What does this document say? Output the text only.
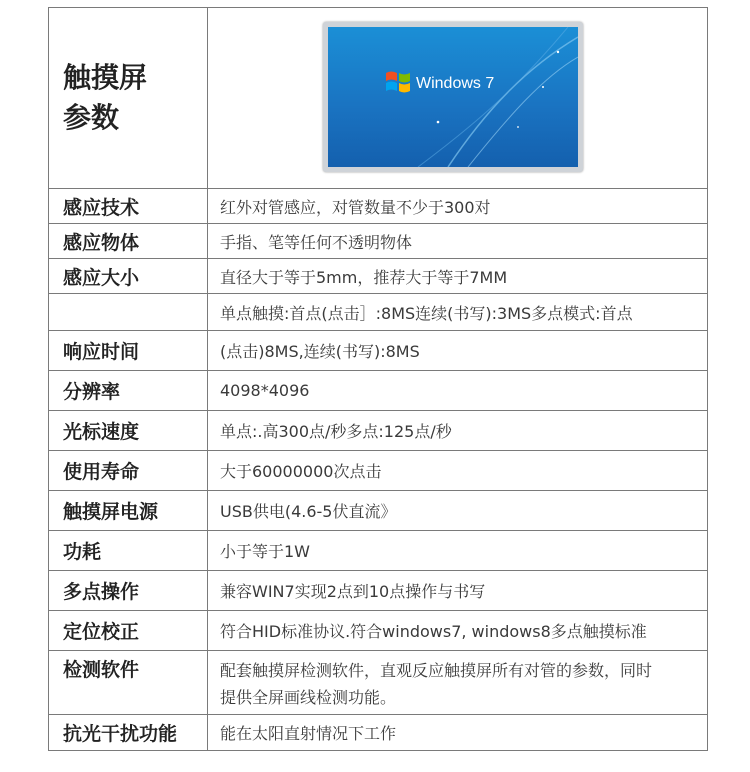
触摸屏
参数	Windows 7

感应技术	红外对管感应，对管数量不少于300对
感应物体	手指、笔等任何不透明物体
感应大小	直径大于等于5mm，推荐大于等于7MM
	单点触摸:首点(点击］:8MS连续(书写):3MS多点模式:首点
响应时间	(点击)8MS,连续(书写):8MS
分辨率	4098*4096
光标速度	单点:.高300点/秒多点:125点/秒
使用寿命	大于60000000次点击
触摸屏电源	USB供电(4.6-5伏直流》
功耗	小于等于1W
多点操作	兼容WIN7实现2点到10点操作与书写
定位校正	符合HID标准协议.符合windows7, windows8多点触摸标准
检测软件	配套触摸屏检测软件，直观反应触摸屏所有对管的参数，同时
提供全屏画线检测功能。

抗光干扰功能	能在太阳直射情况下工作
